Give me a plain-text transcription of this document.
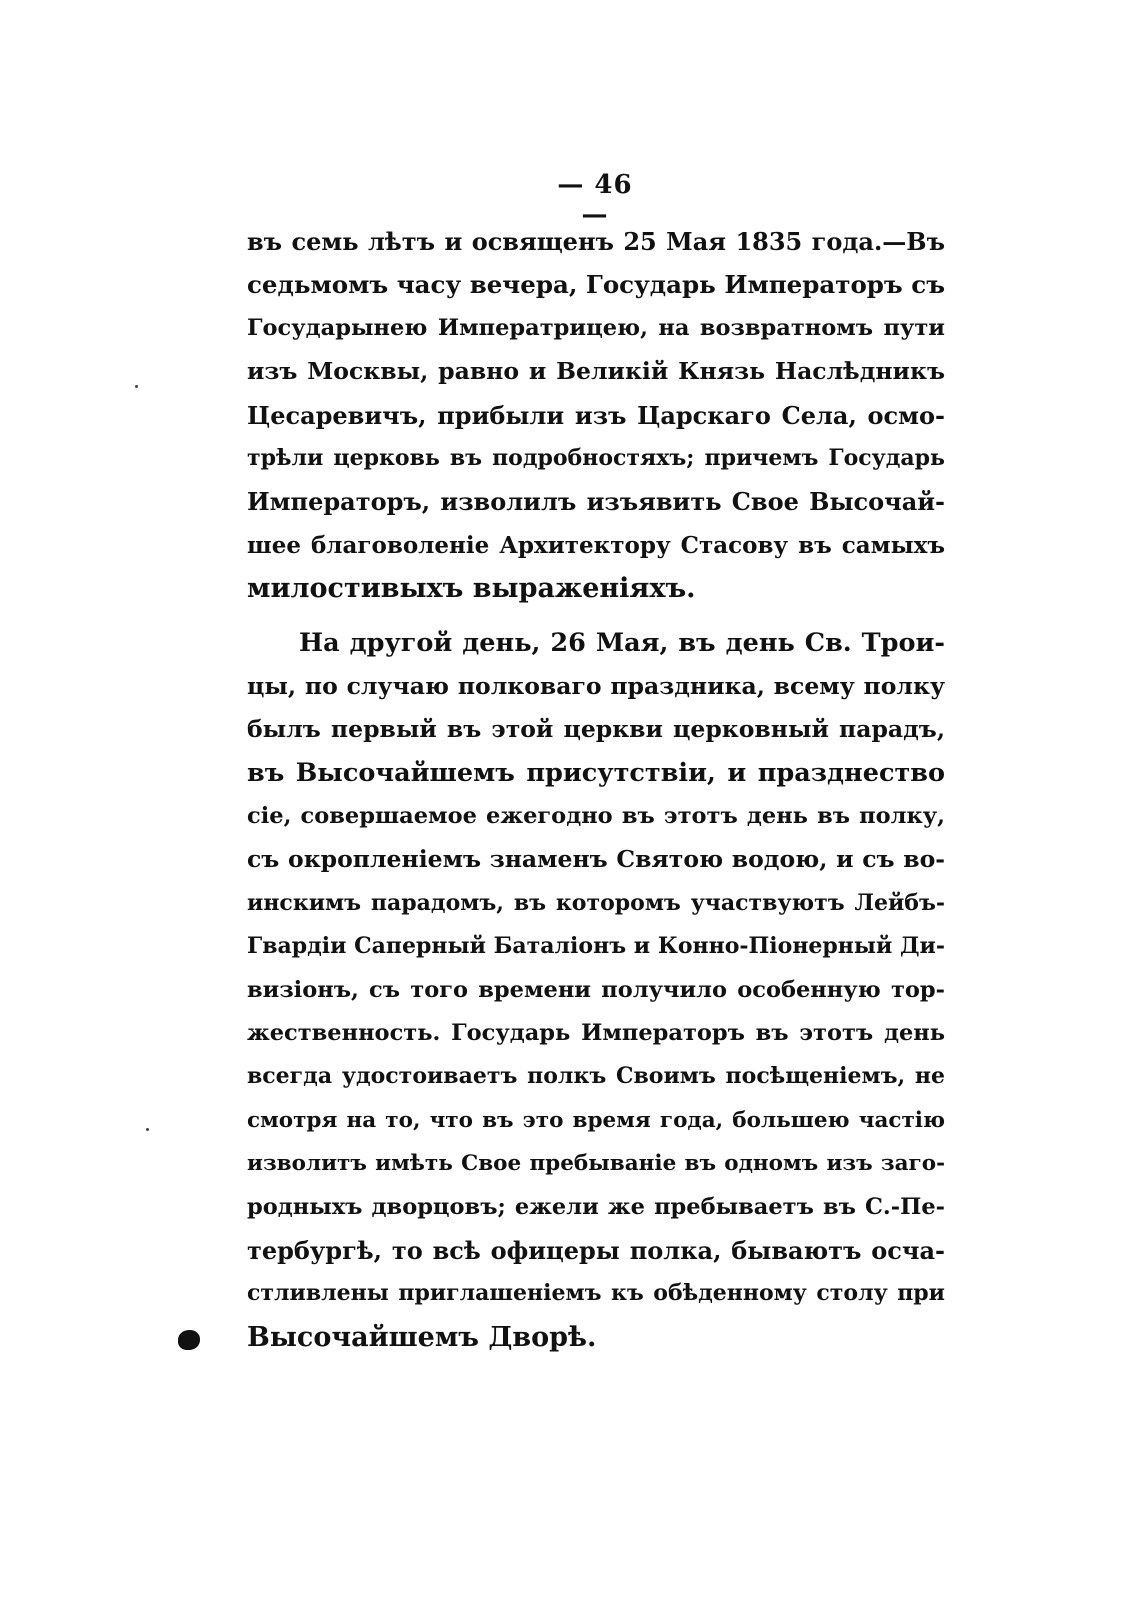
— 46 —
въ семь лѣтъ и освященъ 25 Мая 1835 года.—Въ
седьмомъ часу вечера, Государь Императоръ съ
Государынею Императрицею, на возвратномъ пути
изъ Москвы, равно и Великій Князь Наслѣдникъ
Цесаревичъ, прибыли изъ Царскаго Села, осмо-
трѣли церковь въ подробностяхъ; причемъ Государь
Императоръ, изволилъ изъявить Свое Высочай-
шее благоволеніе Архитектору Стасову въ самыхъ
милостивыхъ выраженіяхъ.
На другой день, 26 Мая, въ день Св. Трои-
цы, по случаю полковаго праздника, всему полку
былъ первый въ этой церкви церковный парадъ,
въ Высочайшемъ присутствіи, и празднество
сіе, совершаемое ежегодно въ этотъ день въ полку,
съ окропленіемъ знаменъ Святою водою, и съ во-
инскимъ парадомъ, въ которомъ участвуютъ Лейбъ-
Гвардіи Саперный Баталіонъ и Конно-Піонерный Ди-
визіонъ, съ того времени получило особенную тор-
жественность. Государь Императоръ въ этотъ день
всегда удостоиваетъ полкъ Своимъ посѣщеніемъ, не
смотря на то, что въ это время года, большею частію
изволитъ имѣть Свое пребываніе въ одномъ изъ заго-
родныхъ дворцовъ; ежели же пребываетъ въ С.-Пе-
тербургѣ, то всѣ офицеры полка, бываютъ осча-
стливлены приглашеніемъ къ обѣденному столу при
Высочайшемъ Дворѣ.
